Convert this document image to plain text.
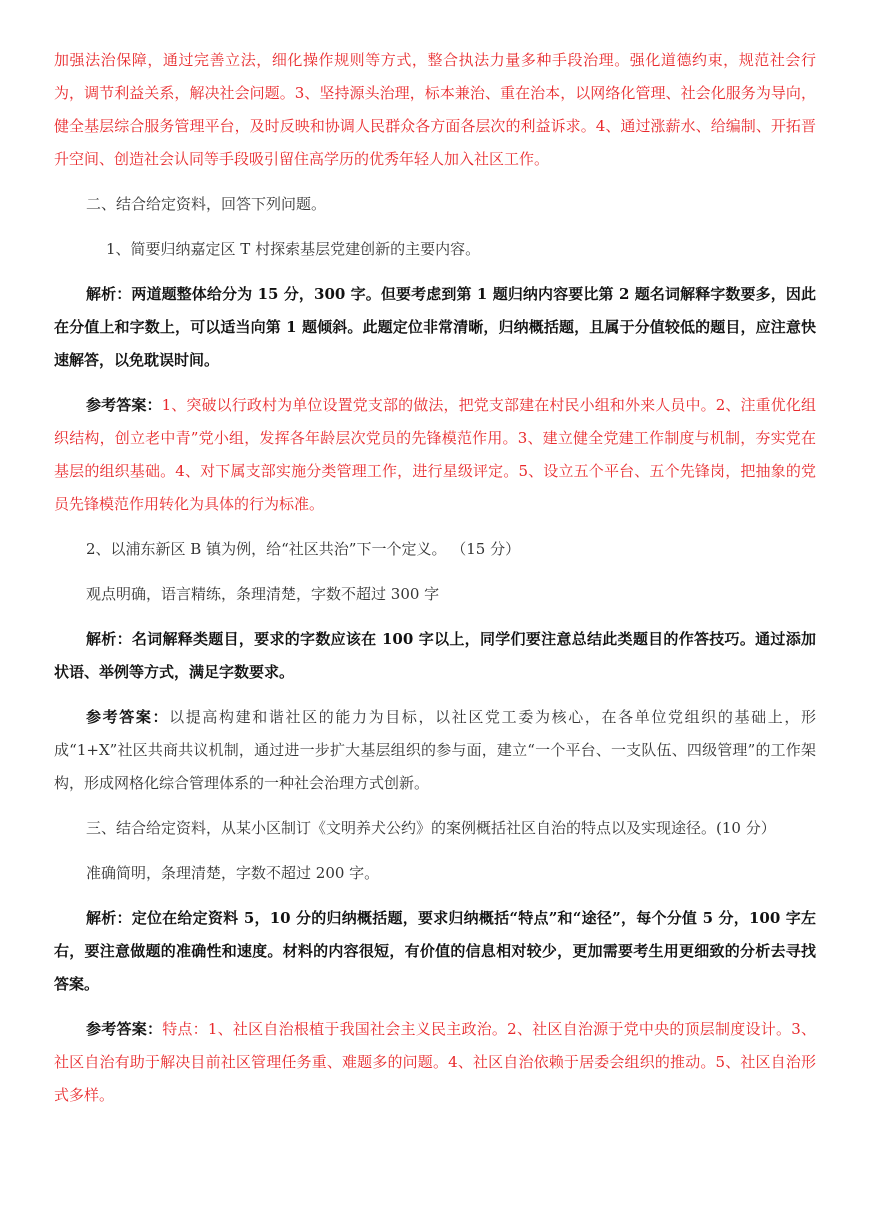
加强法治保障，通过完善立法，细化操作规则等方式，整合执法力量多种手段治理。强化道德约束，规范社会行为，调节利益关系，解决社会问题。3、坚持源头治理，标本兼治、重在治本，以网络化管理、社会化服务为导向，健全基层综合服务管理平台，及时反映和协调人民群众各方面各层次的利益诉求。4、通过涨薪水、给编制、开拓晋升空间、创造社会认同等手段吸引留住高学历的优秀年轻人加入社区工作。

二、结合给定资料，回答下列问题。

1、简要归纳嘉定区 T 村探索基层党建创新的主要内容。

解析：两道题整体给分为 15 分，300 字。但要考虑到第 1 题归纳内容要比第 2 题名词解释字数要多，因此在分值上和字数上，可以适当向第 1 题倾斜。此题定位非常清晰，归纳概括题，且属于分值较低的题目，应注意快速解答，以免耽误时间。

参考答案：1、突破以行政村为单位设置党支部的做法，把党支部建在村民小组和外来人员中。2、注重优化组织结构，创立老中青”党小组，发挥各年龄层次党员的先锋模范作用。3、建立健全党建工作制度与机制，夯实党在基层的组织基础。4、对下属支部实施分类管理工作，进行星级评定。5、设立五个平台、五个先锋岗，把抽象的党员先锋模范作用转化为具体的行为标准。

2、以浦东新区 B 镇为例，给“社区共治”下一个定义。 （15 分）

观点明确，语言精练，条理清楚，字数不超过 300 字

解析：名词解释类题目，要求的字数应该在 100 字以上，同学们要注意总结此类题目的作答技巧。通过添加状语、举例等方式，满足字数要求。

参考答案：以提高构建和谐社区的能力为目标，以社区党工委为核心，在各单位党组织的基础上，形成“1+X”社区共商共议机制，通过进一步扩大基层组织的参与面，建立“一个平台、一支队伍、四级管理”的工作架构，形成网格化综合管理体系的一种社会治理方式创新。

三、结合给定资料，从某小区制订《文明养犬公约》的案例概括社区自治的特点以及实现途径。(10 分）

准确简明，条理清楚，字数不超过 200 字。

解析：定位在给定资料 5，10 分的归纳概括题，要求归纳概括“特点”和“途径”，每个分值 5 分，100 字左右，要注意做题的准确性和速度。材料的内容很短，有价值的信息相对较少，更加需要考生用更细致的分析去寻找答案。

参考答案：特点：1、社区自治根植于我国社会主义民主政治。2、社区自治源于党中央的顶层制度设计。3、社区自治有助于解决目前社区管理任务重、难题多的问题。4、社区自治依赖于居委会组织的推动。5、社区自治形式多样。
